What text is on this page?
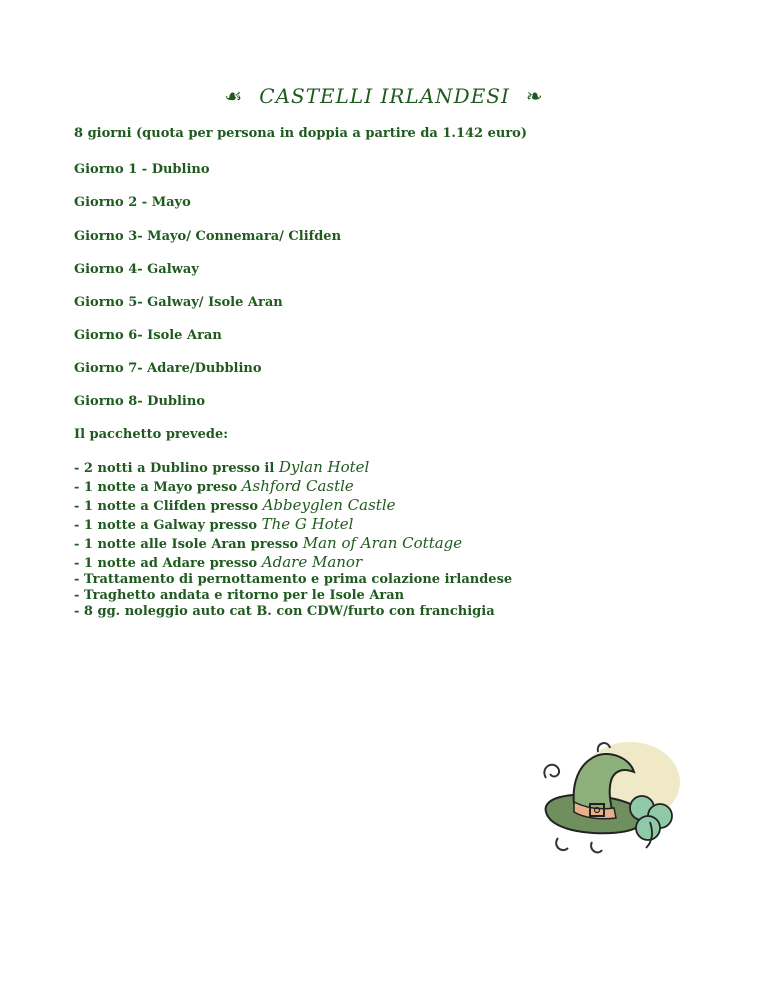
☙ CASTELLI IRLANDESI ❧
8 giorni (quota per persona in doppia a partire da 1.142 euro)
Giorno 1 - Dublino
Giorno 2 - Mayo
Giorno 3- Mayo/ Connemara/ Clifden
Giorno 4- Galway
Giorno 5- Galway/ Isole Aran
Giorno 6- Isole Aran
Giorno 7- Adare/Dubblino
Giorno 8- Dublino
Il pacchetto prevede:
- 2 notti a Dublino presso il Dylan Hotel
- 1 notte a Mayo preso Ashford Castle
- 1 notte a Clifden presso Abbeyglen Castle
- 1 notte a Galway presso The G Hotel
- 1 notte alle Isole Aran presso Man of Aran Cottage
- 1 notte ad Adare presso Adare Manor
- Trattamento di pernottamento e prima colazione irlandese
- Traghetto andata e ritorno per le Isole Aran
- 8 gg. noleggio auto cat B. con CDW/furto con franchigia
